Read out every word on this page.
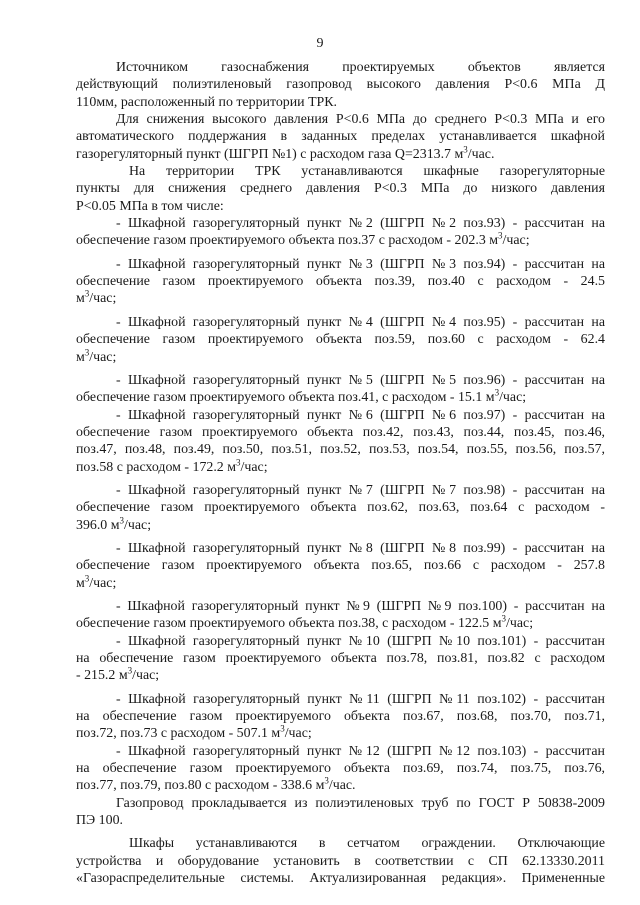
9

Источником газоснабжения проектируемых объектов является

действующий полиэтиленовый газопровод высокого давления Р<0.6 МПа Д

110мм, расположенный по территории ТРК.

Для снижения высокого давления Р<0.6 МПа до среднего Р<0.3 МПа и его

автоматического поддержания в заданных пределах устанавливается шкафной

газорегуляторный пункт (ШГРП №1) с расходом газа Q=2313.7 $м^3$/час.

На территории ТРК устанавливаются шкафные газорегуляторные

пункты для снижения среднего давления Р<0.3 МПа до низкого давления

Р<0.05 МПа в том числе:

- Шкафной газорегуляторный пункт №2 (ШГРП №2 поз.93) - рассчитан на

обеспечение газом проектируемого объекта поз.37 с расходом - 202.3 $м^3$/час;

- Шкафной газорегуляторный пункт №3 (ШГРП №3 поз.94) - рассчитан на

обеспечение газом проектируемого объекта поз.39, поз.40 с расходом - 24.5

$м^3$/час;

- Шкафной газорегуляторный пункт №4 (ШГРП №4 поз.95) - рассчитан на

обеспечение газом проектируемого объекта поз.59, поз.60 с расходом - 62.4

$м^3$/час;

- Шкафной газорегуляторный пункт №5 (ШГРП №5 поз.96) - рассчитан на

обеспечение газом проектируемого объекта поз.41, с расходом - 15.1 $м^3$/час;

- Шкафной газорегуляторный пункт №6 (ШГРП №6 поз.97) - рассчитан на

обеспечение газом проектируемого объекта поз.42, поз.43, поз.44, поз.45, поз.46,

поз.47, поз.48, поз.49, поз.50, поз.51, поз.52, поз.53, поз.54, поз.55, поз.56, поз.57,

поз.58 с расходом - 172.2 $м^3$/час;

- Шкафной газорегуляторный пункт №7 (ШГРП №7 поз.98) - рассчитан на

обеспечение газом проектируемого объекта поз.62, поз.63, поз.64 с расходом -

396.0 $м^3$/час;

- Шкафной газорегуляторный пункт №8 (ШГРП №8 поз.99) - рассчитан на

обеспечение газом проектируемого объекта поз.65, поз.66 с расходом - 257.8

$м^3$/час;

- Шкафной газорегуляторный пункт №9 (ШГРП №9 поз.100) - рассчитан на

обеспечение газом проектируемого объекта поз.38, с расходом - 122.5 $м^3$/час;

- Шкафной газорегуляторный пункт №10 (ШГРП №10 поз.101) - рассчитан

на обеспечение газом проектируемого объекта поз.78, поз.81, поз.82 с расходом

- 215.2 $м^3$/час;

- Шкафной газорегуляторный пункт №11 (ШГРП №11 поз.102) - рассчитан

на обеспечение газом проектируемого объекта поз.67, поз.68, поз.70, поз.71,

поз.72, поз.73 с расходом - 507.1 $м^3$/час;

- Шкафной газорегуляторный пункт №12 (ШГРП №12 поз.103) - рассчитан

на обеспечение газом проектируемого объекта поз.69, поз.74, поз.75, поз.76,

поз.77, поз.79, поз.80 с расходом - 338.6 $м^3$/час.

Газопровод прокладывается из полиэтиленовых труб по ГОСТ Р 50838-2009

ПЭ 100.

Шкафы устанавливаются в сетчатом ограждении. Отключающие

устройства и оборудование установить в соответствии с СП 62.13330.2011

«Газораспределительные системы. Актуализированная редакция». Примененные
